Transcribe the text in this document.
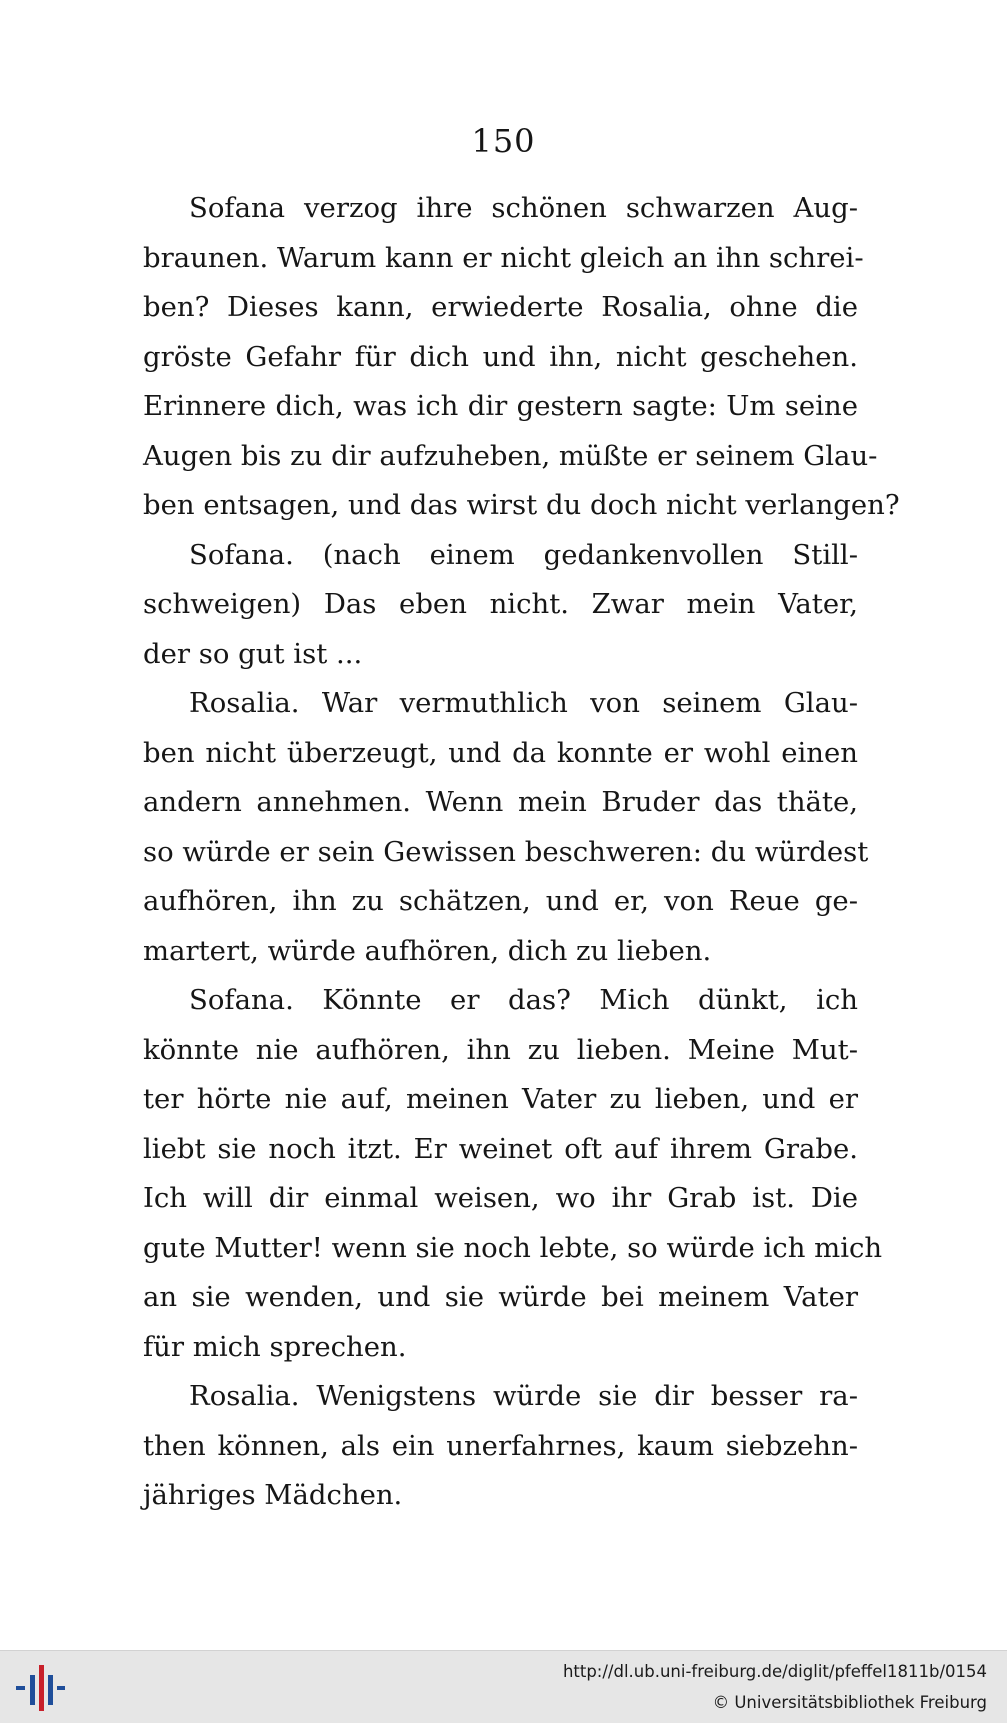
150
Sofana verzog ihre schönen schwarzen Aug-
braunen. Warum kann er nicht gleich an ihn schrei-
ben? Dieses kann, erwiederte Rosalia, ohne die
gröste Gefahr für dich und ihn, nicht geschehen.
Erinnere dich, was ich dir gestern sagte: Um seine
Augen bis zu dir aufzuheben, müßte er seinem Glau-
ben entsagen, und das wirst du doch nicht verlangen?
Sofana. (nach einem gedankenvollen Still-
schweigen) Das eben nicht. Zwar mein Vater,
der so gut ist ...
Rosalia. War vermuthlich von seinem Glau-
ben nicht überzeugt, und da konnte er wohl einen
andern annehmen. Wenn mein Bruder das thäte,
so würde er sein Gewissen beschweren: du würdest
aufhören, ihn zu schätzen, und er, von Reue ge-
martert, würde aufhören, dich zu lieben.
Sofana. Könnte er das? Mich dünkt, ich
könnte nie aufhören, ihn zu lieben. Meine Mut-
ter hörte nie auf, meinen Vater zu lieben, und er
liebt sie noch itzt. Er weinet oft auf ihrem Grabe.
Ich will dir einmal weisen, wo ihr Grab ist. Die
gute Mutter! wenn sie noch lebte, so würde ich mich
an sie wenden, und sie würde bei meinem Vater
für mich sprechen.
Rosalia. Wenigstens würde sie dir besser ra-
then können, als ein unerfahrnes, kaum siebzehn-
jähriges Mädchen.
http://dl.ub.uni-freiburg.de/diglit/pfeffel1811b/0154
© Universitätsbibliothek Freiburg
